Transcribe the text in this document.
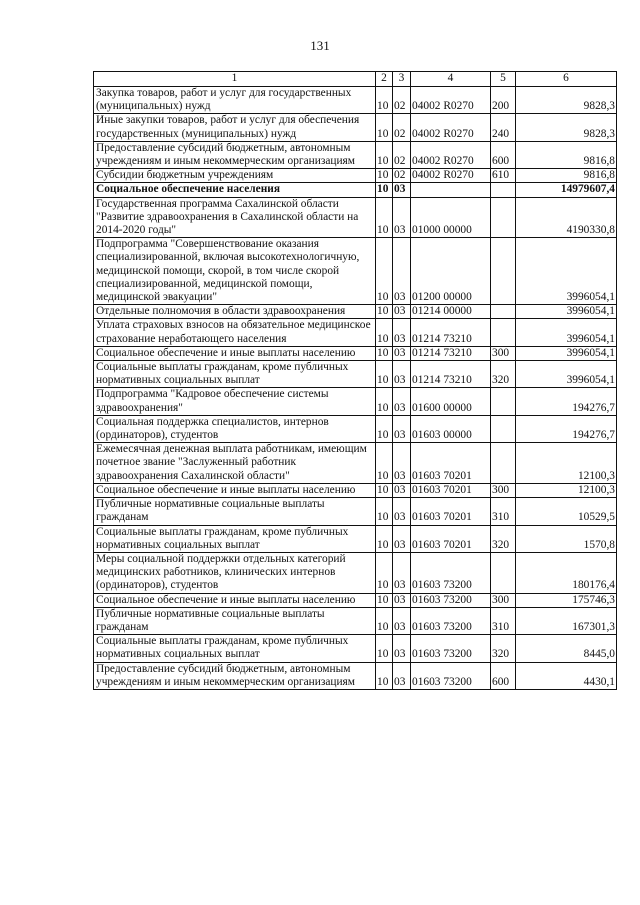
131
1	2	3	4	5	6
Закупка товаров, работ и услуг для государственных (муниципальных) нужд	10	02	04002 R0270	200	9828,3
Иные закупки товаров, работ и услуг для обеспечения государственных (муниципальных) нужд	10	02	04002 R0270	240	9828,3
Предоставление субсидий бюджетным, автономным учреждениям и иным некоммерческим организациям	10	02	04002 R0270	600	9816,8
Субсидии бюджетным учреждениям	10	02	04002 R0270	610	9816,8
Социальное обеспечение населения	10	03			14979607,4
Государственная программа Сахалинской области "Развитие здравоохранения в Сахалинской области на 2014-2020 годы"	10	03	01000 00000		4190330,8
Подпрограмма "Совершенствование оказания специализированной, включая высокотехнологичную, медицинской помощи, скорой, в том числе скорой специализированной, медицинской помощи, медицинской эвакуации"	10	03	01200 00000		3996054,1
Отдельные полномочия в области здравоохранения	10	03	01214 00000		3996054,1
Уплата страховых взносов на обязательное медицинское страхование неработающего населения	10	03	01214 73210		3996054,1
Социальное обеспечение и иные выплаты населению	10	03	01214 73210	300	3996054,1
Социальные выплаты гражданам, кроме публичных нормативных социальных выплат	10	03	01214 73210	320	3996054,1
Подпрограмма "Кадровое обеспечение системы здравоохранения"	10	03	01600 00000		194276,7
Социальная поддержка специалистов, интернов (ординаторов), студентов	10	03	01603 00000		194276,7
Ежемесячная денежная выплата работникам, имеющим почетное звание "Заслуженный работник здравоохранения Сахалинской области"	10	03	01603 70201		12100,3
Социальное обеспечение и иные выплаты населению	10	03	01603 70201	300	12100,3
Публичные нормативные социальные выплаты гражданам	10	03	01603 70201	310	10529,5
Социальные выплаты гражданам, кроме публичных нормативных социальных выплат	10	03	01603 70201	320	1570,8
Меры социальной поддержки отдельных категорий медицинских работников, клинических интернов (ординаторов), студентов	10	03	01603 73200		180176,4
Социальное обеспечение и иные выплаты населению	10	03	01603 73200	300	175746,3
Публичные нормативные социальные выплаты гражданам	10	03	01603 73200	310	167301,3
Социальные выплаты гражданам, кроме публичных нормативных социальных выплат	10	03	01603 73200	320	8445,0
Предоставление субсидий бюджетным, автономным учреждениям и иным некоммерческим организациям	10	03	01603 73200	600	4430,1
